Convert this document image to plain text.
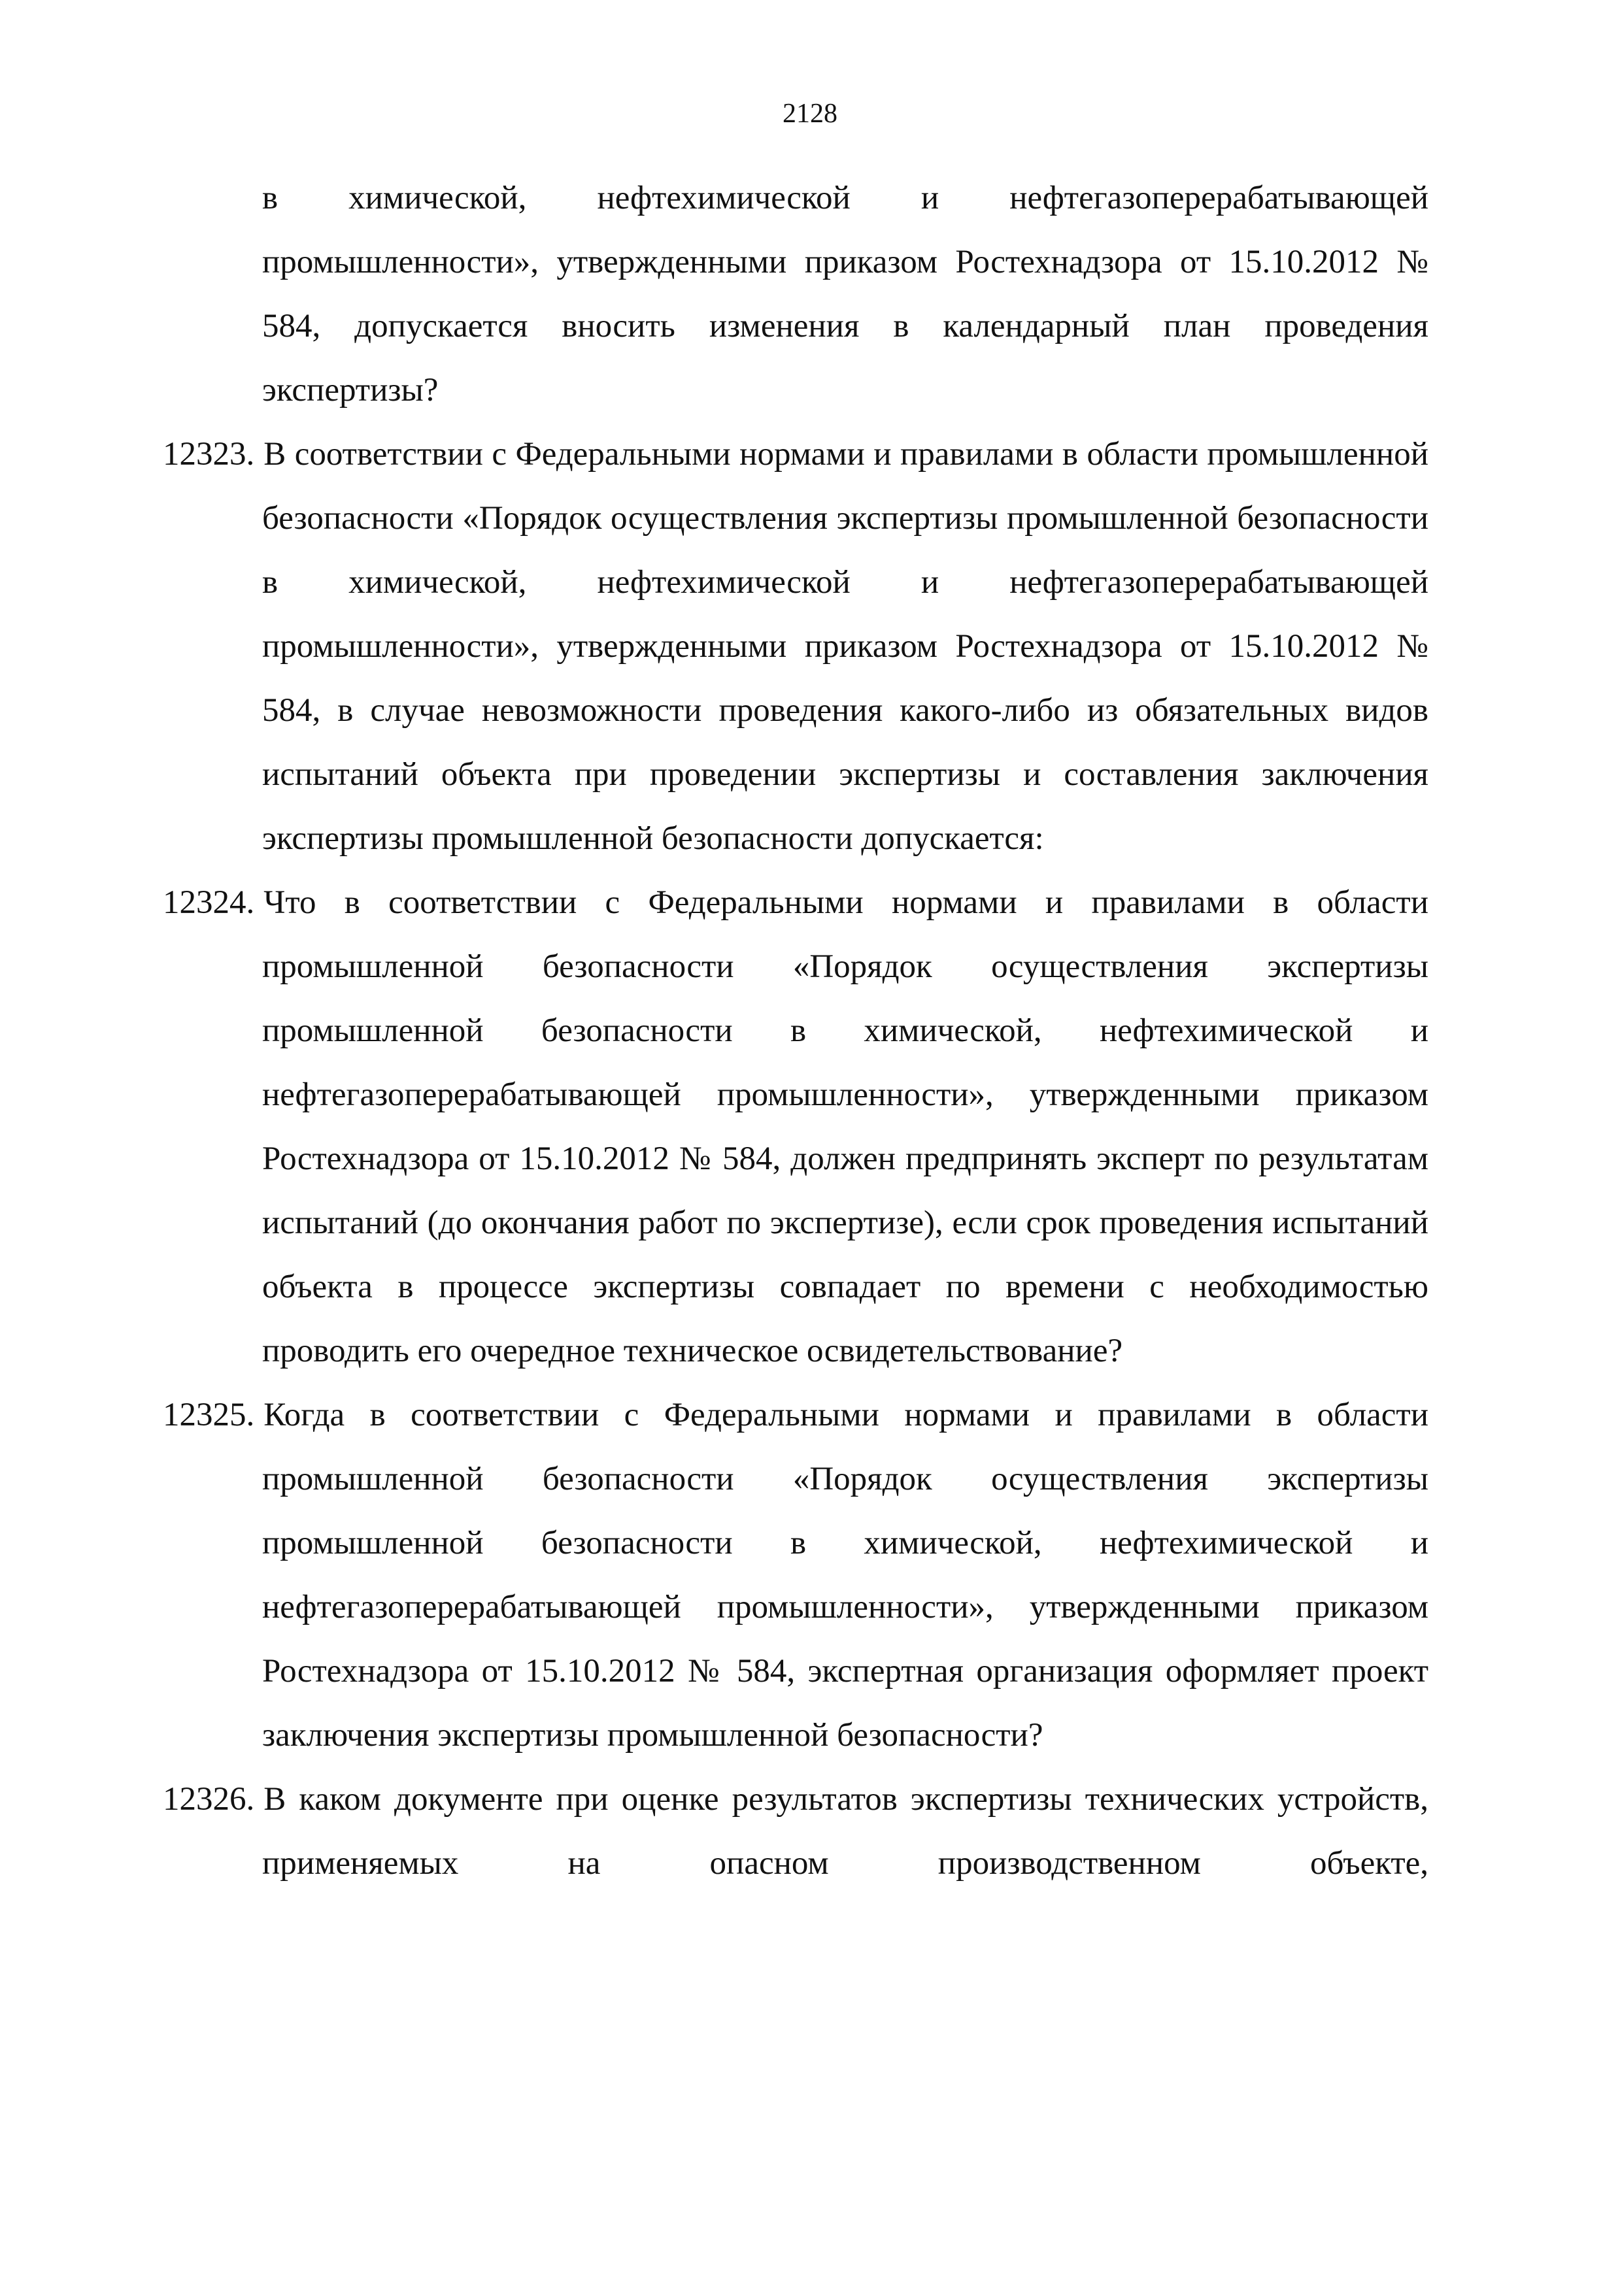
2128

в химической, нефтехимической и нефтегазоперерабатывающей промышленности», утвержденными приказом Ростехнадзора от 15.10.2012 № 584, допускается вносить изменения в календарный план проведения экспертизы?

12323. В соответствии с Федеральными нормами и правилами в области промышленной безопасности «Порядок осуществления экспертизы промышленной безопасности в химической, нефтехимической и нефтегазоперерабатывающей промышленности», утвержденными приказом Ростехнадзора от 15.10.2012 № 584, в случае невозможности проведения какого-либо из обязательных видов испытаний объекта при проведении экспертизы и составления заключения экспертизы промышленной безопасности допускается:

12324. Что в соответствии с Федеральными нормами и правилами в области промышленной безопасности «Порядок осуществления экспертизы промышленной безопасности в химической, нефтехимической и нефтегазоперерабатывающей промышленности», утвержденными приказом Ростехнадзора от 15.10.2012 № 584, должен предпринять эксперт по результатам испытаний (до окончания работ по экспертизе), если срок проведения испытаний объекта в процессе экспертизы совпадает по времени с необходимостью проводить его очередное техническое освидетельствование?

12325. Когда в соответствии с Федеральными нормами и правилами в области промышленной безопасности «Порядок осуществления экспертизы промышленной безопасности в химической, нефтехимической и нефтегазоперерабатывающей промышленности», утвержденными приказом Ростехнадзора от 15.10.2012 № 584, экспертная организация оформляет проект заключения экспертизы промышленной безопасности?

12326. В каком документе при оценке результатов экспертизы технических устройств, применяемых на опасном производственном объекте,
